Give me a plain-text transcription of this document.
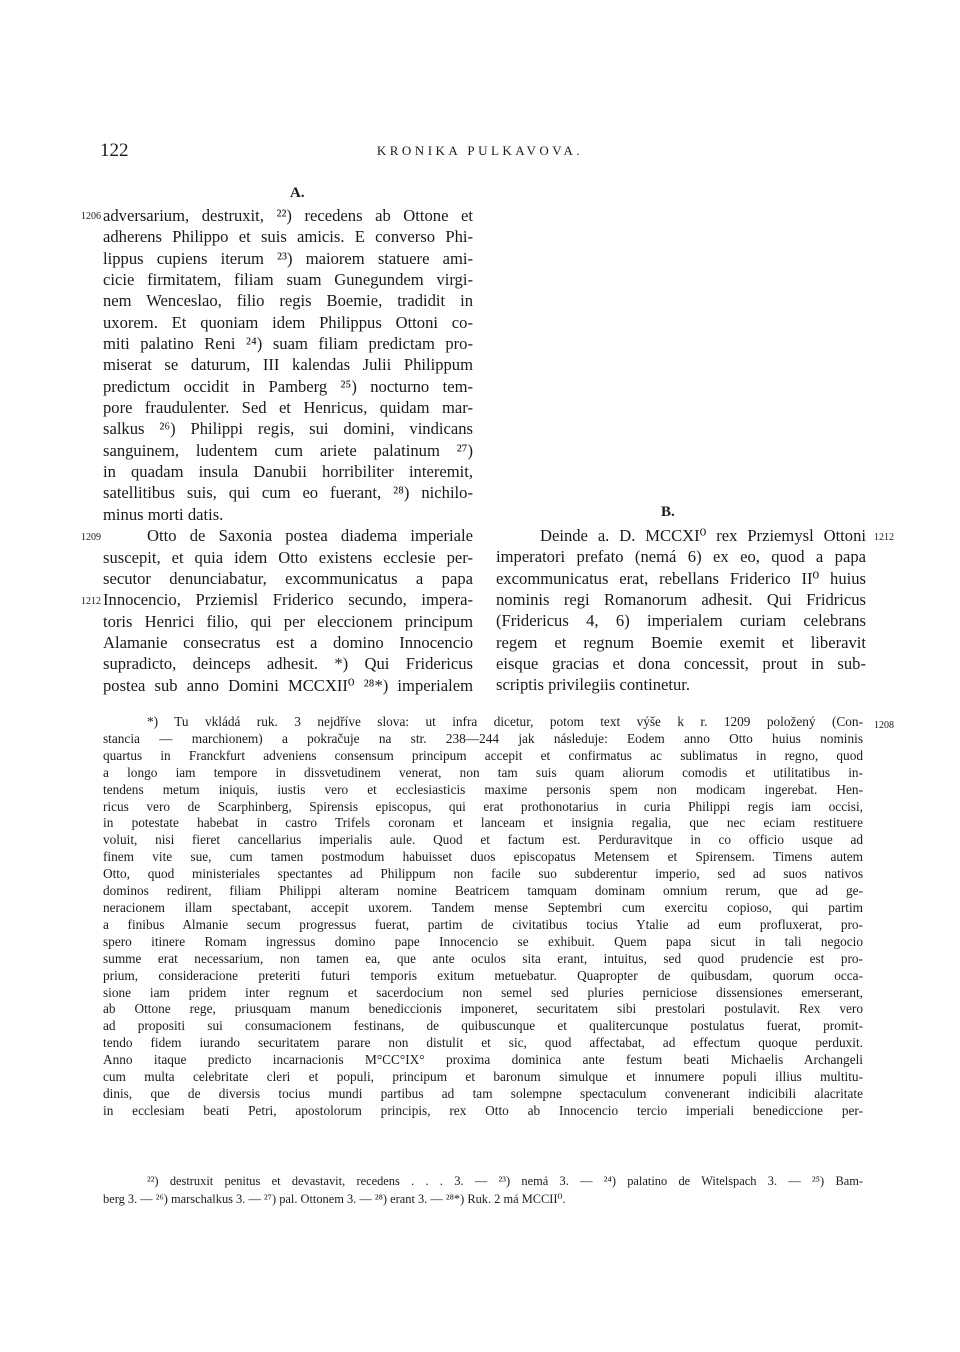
122	KRONIKA PULKAVOVA.
A.
adversarium, destruxit, ²²) recedens ab Ottone et
adherens Philippo et suis amicis. E converso Phi-
lippus cupiens iterum ²³) maiorem statuere ami-
cicie firmitatem, filiam suam Gunegundem virgi-
nem Wenceslao, filio regis Boemie, tradidit in
uxorem. Et quoniam idem Philippus Ottoni co-
miti palatino Reni ²⁴) suam filiam predictam pro-
miserat se daturum, III kalendas Julii Philippum
predictum occidit in Pamberg ²⁵) nocturno tem-
pore fraudulenter. Sed et Henricus, quidam mar-
salkus ²⁶) Philippi regis, sui domini, vindicans
sanguinem, ludentem cum ariete palatinum ²⁷)
in quadam insula Danubii horribiliter interemit,
satellitibus suis, qui cum eo fuerant, ²⁸) nichilo-
minus morti datis.
Otto de Saxonia postea diadema imperiale
suscepit, et quia idem Otto existens ecclesie per-
secutor denunciabatur, excommunicatus a papa
Innocencio, Prziemisl Friderico secundo, impera-
toris Henrici filio, qui per eleccionem principum
Alamanie consecratus est a domino Innocencio
supradicto, deinceps adhesit. *) Qui Fridericus
postea sub anno Domini MCCXII⁰ ²⁸*) imperialem
B.
Deinde a. D. MCCXI⁰ rex Prziemysl Ottoni
imperatori prefato (nemá 6) ex eo, quod a papa
excommunicatus erat, rebellans Friderico II⁰ huius
nominis regi Romanorum adhesit. Qui Fridricus
(Fridericus 4, 6) imperialem curiam celebrans
regem et regnum Boemie exemit et liberavit
eisque gracias et dona concessit, prout in sub-
scriptis privilegiis continetur.
1206
1209
1212
1212
1208
*) Tu vkládá ruk. 3 nejdříve slova: ut infra dicetur, potom text výše k r. 1209 položený (Con-
stancia — marchionem) a pokračuje na str. 238—244 jak následuje: Eodem anno Otto huius nominis
quartus in Franckfurt adveniens consensum principum accepit et confirmatus ac sublimatus in regno, quod
a longo iam tempore in dissvetudinem venerat, non tam suis quam aliorum comodis et utilitatibus in-
tendens metum iniquis, iustis vero et ecclesiasticis maxime personis spem non modicam ingerebat. Hen-
ricus vero de Scarphinberg, Spirensis episcopus, qui erat prothonotarius in curia Philippi regis iam occisi,
in potestate habebat in castro Trifels coronam et lanceam et insignia regalia, que nec eciam restituere
voluit, nisi fieret cancellarius imperialis aule. Quod et factum est. Perduravitque in co officio usque ad
finem vite sue, cum tamen postmodum habuisset duos episcopatus Metensem et Spirensem. Timens autem
Otto, quod ministeriales spectantes ad Philippum non facile suo subderentur imperio, sed ad suos nativos
dominos redirent, filiam Philippi alteram nomine Beatricem tamquam dominam omnium rerum, que ad ge-
neracionem illam spectabant, accepit uxorem. Tandem mense Septembri cum exercitu copioso, qui partim
a finibus Almanie secum progressus fuerat, partim de civitatibus tocius Ytalie ad eum profluxerat, pro-
spero itinere Romam ingressus domino pape Innocencio se exhibuit. Quem papa sicut in tali negocio
summe erat necessarium, non tamen ea, que ante oculos sita erant, intuitus, sed quod prudencie est pro-
prium, consideracione preteriti futuri temporis exitum metuebatur. Quapropter de quibusdam, quorum occa-
sione iam pridem inter regnum et sacerdocium non semel sed pluries perniciose dissensiones emerserant,
ab Ottone rege, priusquam manum benediccionis imponeret, securitatem sibi prestolari postulavit. Rex vero
ad propositi sui consumacionem festinans, de quibuscunque et qualitercunque postulatus fuerat, promit-
tendo fidem iurando securitatem parare non distulit et sic, quod affectabat, ad effectum quoque perduxit.
Anno itaque predicto incarnacionis M°CC°IX° proxima dominica ante festum beati Michaelis Archangeli
cum multa celebritate cleri et populi, principum et baronum simulque et innumere populi illius multitu-
dinis, que de diversis tocius mundi partibus ad tam solempne spectaculum convenerant indicibili alacritate
in ecclesiam beati Petri, apostolorum principis, rex Otto ab Innocencio tercio imperiali benediccione per-
²²) destruxit penitus et devastavit, recedens . . . 3. — ²³) nemá 3. — ²⁴) palatino de Witelspach 3. — ²⁵) Bam-
berg 3. — ²⁶) marschalkus 3. — ²⁷) pal. Ottonem 3. — ²⁸) erant 3. — ²⁸*) Ruk. 2 má MCCII⁰.
